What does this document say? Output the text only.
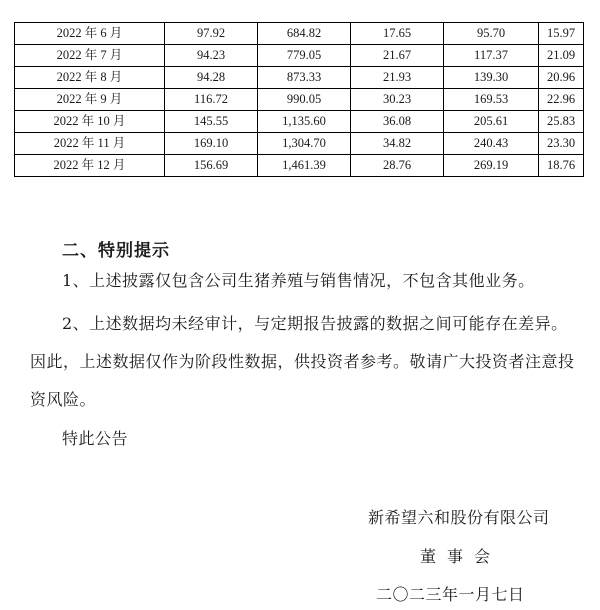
2022 年 6 月	97.92	684.82	17.65	95.70	15.97
2022 年 7 月	94.23	779.05	21.67	117.37	21.09
2022 年 8 月	94.28	873.33	21.93	139.30	20.96
2022 年 9 月	116.72	990.05	30.23	169.53	22.96
2022 年 10 月	145.55	1,135.60	36.08	205.61	25.83
2022 年 11 月	169.10	1,304.70	34.82	240.43	23.30
2022 年 12 月	156.69	1,461.39	28.76	269.19	18.76
二、特别提示
1、上述披露仅包含公司生猪养殖与销售情况，不包含其他业务。
2、上述数据均未经审计，与定期报告披露的数据之间可能存在差异。因此，上述数据仅作为阶段性数据，供投资者参考。敬请广大投资者注意投资风险。
特此公告
新希望六和股份有限公司
董事会
二〇二三年一月七日
